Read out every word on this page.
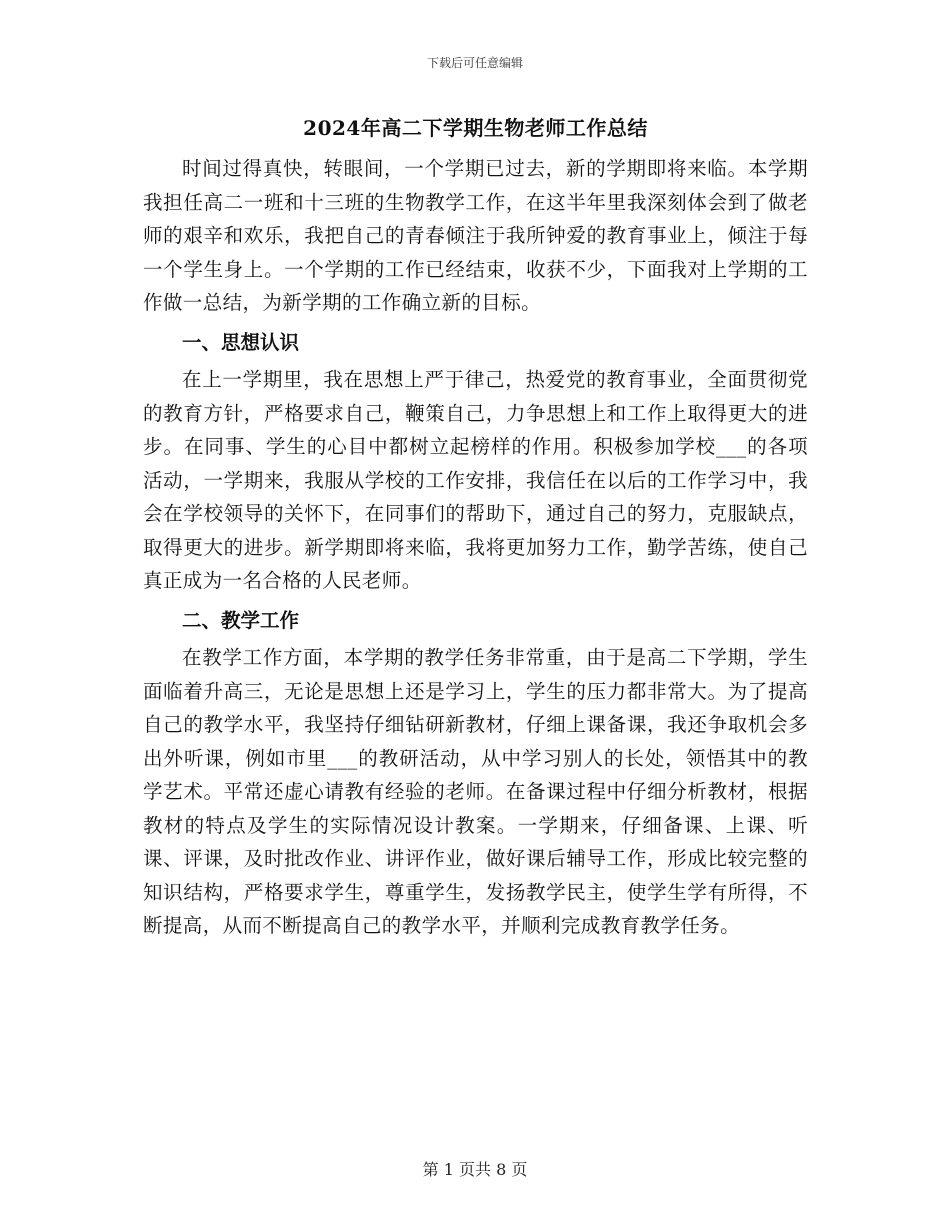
下载后可任意编辑
2024年高二下学期生物老师工作总结

时间过得真快，转眼间，一个学期已过去，新的学期即将来临。本学期我担任高二一班和十三班的生物教学工作，在这半年里我深刻体会到了做老师的艰辛和欢乐，我把自己的青春倾注于我所钟爱的教育事业上，倾注于每一个学生身上。一个学期的工作已经结束，收获不少，下面我对上学期的工作做一总结，为新学期的工作确立新的目标。

一、思想认识

在上一学期里，我在思想上严于律己，热爱党的教育事业，全面贯彻党的教育方针，严格要求自己，鞭策自己，力争思想上和工作上取得更大的进步。在同事、学生的心目中都树立起榜样的作用。积极参加学校___的各项活动，一学期来，我服从学校的工作安排，我信任在以后的工作学习中，我会在学校领导的关怀下，在同事们的帮助下，通过自己的努力，克服缺点，取得更大的进步。新学期即将来临，我将更加努力工作，勤学苦练，使自己真正成为一名合格的人民老师。

二、教学工作

在教学工作方面，本学期的教学任务非常重，由于是高二下学期，学生面临着升高三，无论是思想上还是学习上，学生的压力都非常大。为了提高自己的教学水平，我坚持仔细钻研新教材，仔细上课备课，我还争取机会多出外听课，例如市里___的教研活动，从中学习别人的长处，领悟其中的教学艺术。平常还虚心请教有经验的老师。在备课过程中仔细分析教材，根据教材的特点及学生的实际情况设计教案。一学期来，仔细备课、上课、听课、评课，及时批改作业、讲评作业，做好课后辅导工作，形成比较完整的知识结构，严格要求学生，尊重学生，发扬教学民主，使学生学有所得，不断提高，从而不断提高自己的教学水平，并顺利完成教育教学任务。

第 1 页共 8 页
